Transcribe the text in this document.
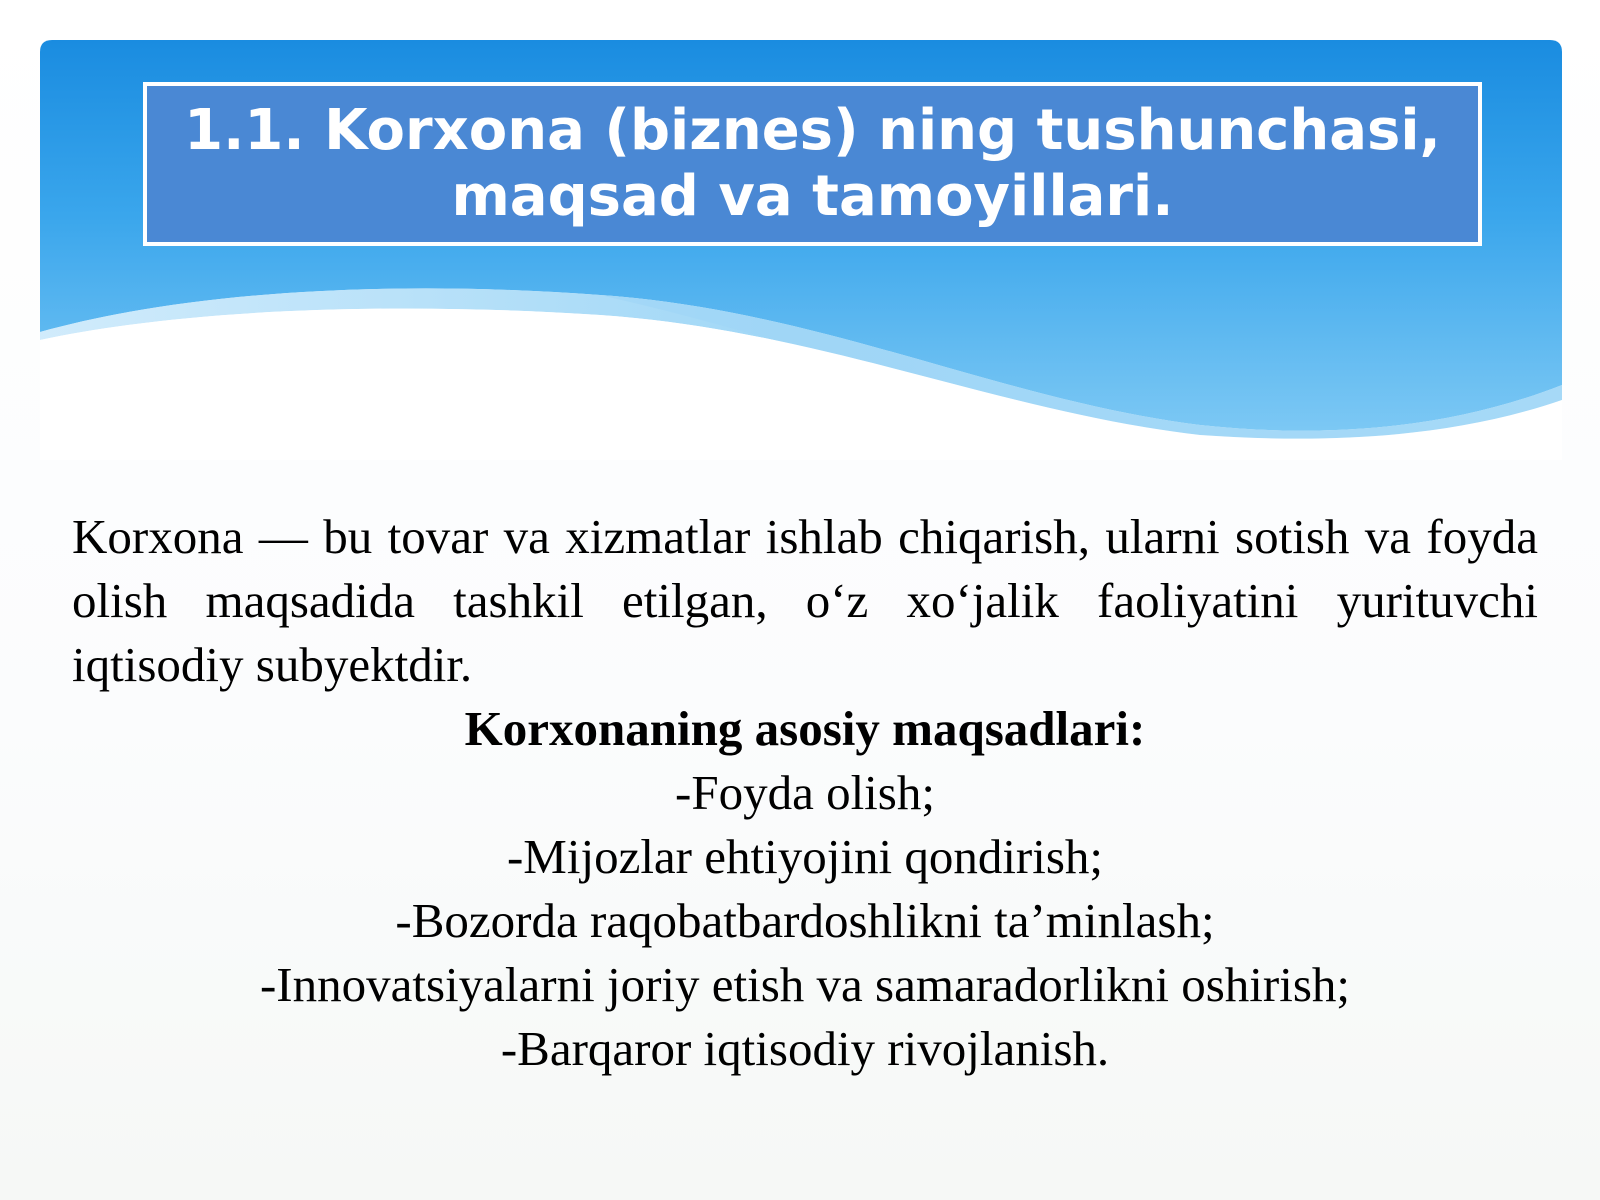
1.1. Korxona (biznes) ning tushunchasi,
maqsad va tamoyillari.

Korxona — bu tovar va xizmatlar ishlab chiqarish, ularni sotish va foyda olish maqsadida tashkil etilgan, o‘z xo‘jalik faoliyatini yurituvchi iqtisodiy subyektdir.

Korxonaning asosiy maqsadlari:

-Foyda olish;
-Mijozlar ehtiyojini qondirish;
-Bozorda raqobatbardoshlikni ta’minlash;
-Innovatsiyalarni joriy etish va samaradorlikni oshirish;
-Barqaror iqtisodiy rivojlanish.
